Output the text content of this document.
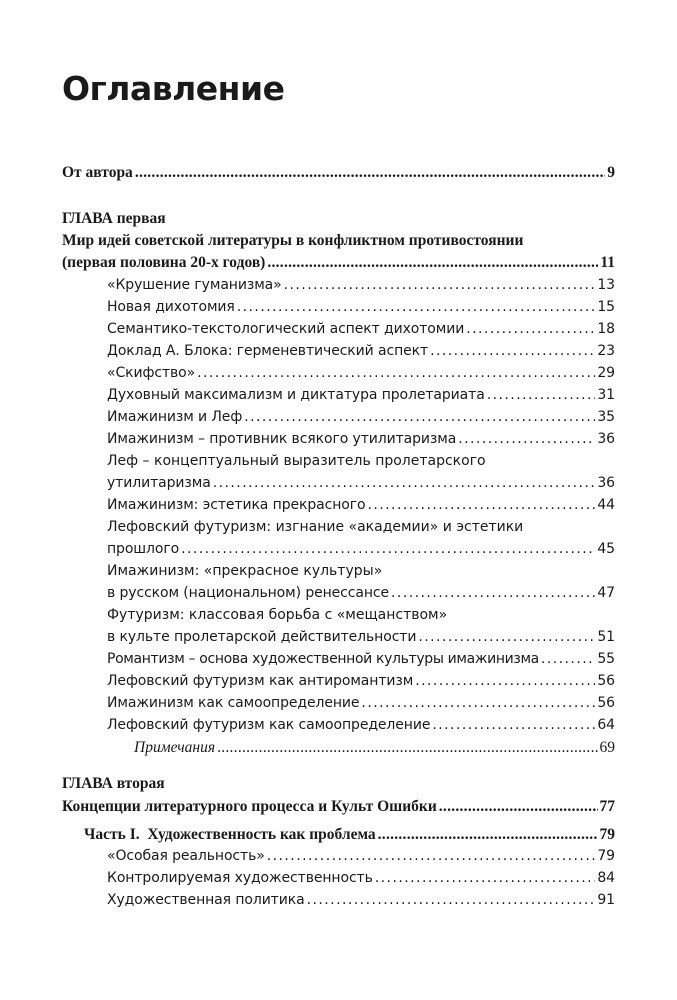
Оглавление
От автора . . .	9
ГЛАВА первая
Мир идей советской литературы в конфликтном противостоянии
(первая половина 20-х годов) . . .	11
«Крушение гуманизма» . . .	13
Новая дихотомия . . .	15
Семантико-текстологический аспект дихотомии . . .	18
Доклад А. Блока: герменевтический аспект . . .	23
«Скифство» . . .	29
Духовный максимализм и диктатура пролетариата . . .	31
Имажинизм и Леф . . .	35
Имажинизм – противник всякого утилитаризма . . .	36
Леф – концептуальный выразитель пролетарского
утилитаризма . . .	36
Имажинизм: эстетика прекрасного . . .	44
Лефовский футуризм: изгнание «академии» и эстетики
прошлого . . .	45
Имажинизм: «прекрасное культуры»
в русском (национальном) ренессансе . . .	47
Футуризм: классовая борьба с «мещанством»
в культе пролетарской действительности . . .	51
Романтизм – основа художественной культуры имажинизма . . .	55
Лефовский футуризм как антиромантизм . . .	56
Имажинизм как самоопределение . . .	56
Лефовский футуризм как самоопределение . . .	64
Примечания . . .	69
ГЛАВА вторая
Концепции литературного процесса и Культ Ошибки . . .	77
Часть I.  Художественность как проблема . . .	79
«Особая реальность» . . .	79
Контролируемая художественность . . .	84
Художественная политика . . .	91
